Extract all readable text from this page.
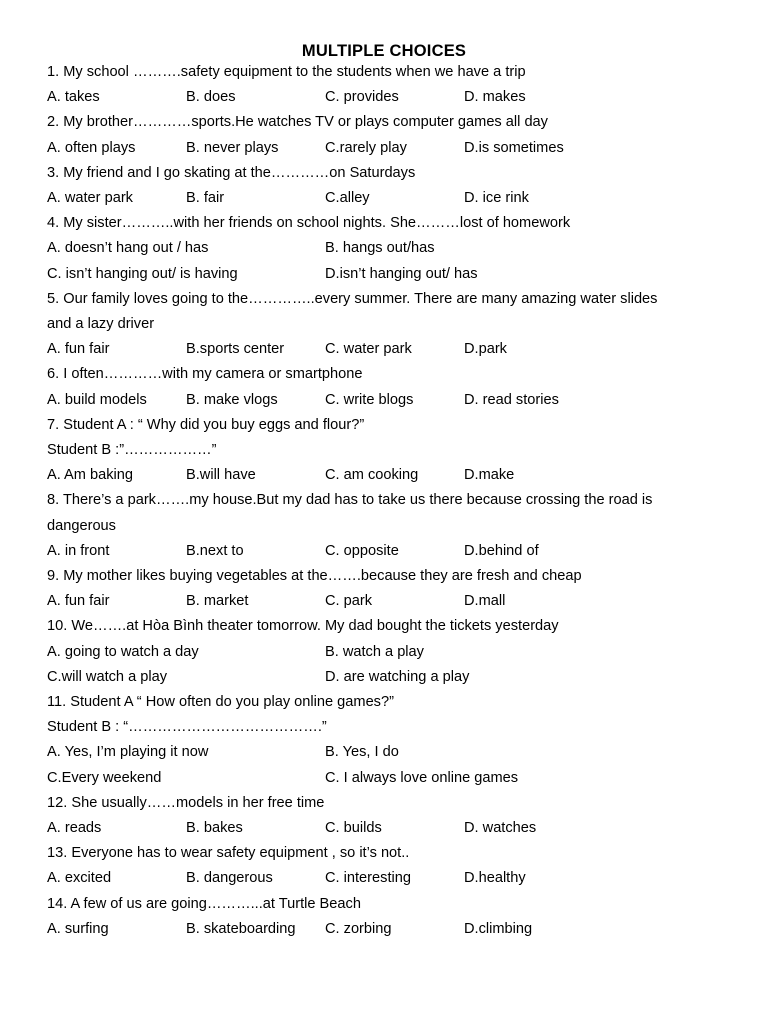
MULTIPLE CHOICES
1. My school ……….safety equipment to the students when we have a trip
A. takes	B. does	C. provides	D. makes
2. My brother…………sports.He watches TV or plays computer games all day
A. often plays	B. never plays	C.rarely play	D.is sometimes
3. My friend and I go skating at the…………on Saturdays
A. water park	B. fair	C.alley	D. ice rink
4. My sister………..with her friends on school nights. She………lost of homework
A. doesn’t hang out / has	B. hangs out/has
C. isn’t hanging out/ is having	D.isn’t hanging out/ has
5. Our family loves going to the…………..every summer. There are many amazing water slides
and a lazy driver
A. fun fair	B.sports center	C. water park	D.park
6. I often…………with my camera or smartphone
A. build models	B. make vlogs	C. write blogs	D. read stories
7. Student A : “ Why did you buy eggs and flour?”
Student B :”………………”
A. Am baking	B.will have	C. am cooking	D.make
8. There’s a park…….my house.But my dad has to take us there because crossing the road is
dangerous
A. in front	B.next to	C. opposite	D.behind of
9. My mother likes buying vegetables at the…….because they are fresh and cheap
A. fun fair	B. market	C. park	D.mall
10. We…….at Hòa Bình theater tomorrow. My dad bought the tickets yesterday
A. going to watch a day	B. watch a play
C.will watch a play	D. are watching a play
11. Student A “ How often do you play online games?”
Student B : “………………………………….”
A. Yes, I’m playing it now	B. Yes, I do
C.Every weekend	C. I always love online games
12. She usually……models in her free time
A. reads	B. bakes	C. builds	D. watches
13. Everyone has to wear safety equipment , so it’s not..
A. excited	B. dangerous	C. interesting	D.healthy
14. A few of us are going………...at Turtle Beach
A. surfing	B. skateboarding C. zorbing	D.climbing
